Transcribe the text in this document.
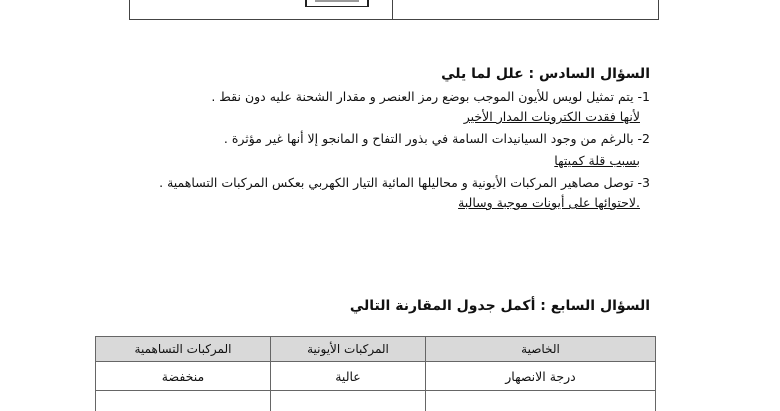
السؤال السادس : علل لما يلي
1- يتم تمثيل لويس للأيون الموجب بوضع رمز العنصر و مقدار الشحنة عليه دون نقط .
لأنها فقدت الكترونات المدار الأخير
2- بالرغم من وجود السيانيدات السامة في بذور التفاح و المانجو إلا أنها غير مؤثرة .
بسبب قلة كميتها
3- توصل مصاهير المركبات الأيونية و محاليلها المائية التيار الكهربي بعكس المركبات التساهمية .
.لاحتوائها على أيونات موجبة وسالبة
السؤال السابع : أكمل جدول المقارنة التالي
الخاصية	المركبات الأيونية	المركبات التساهمية
درجة الانصهار	عالية	منخفضة
